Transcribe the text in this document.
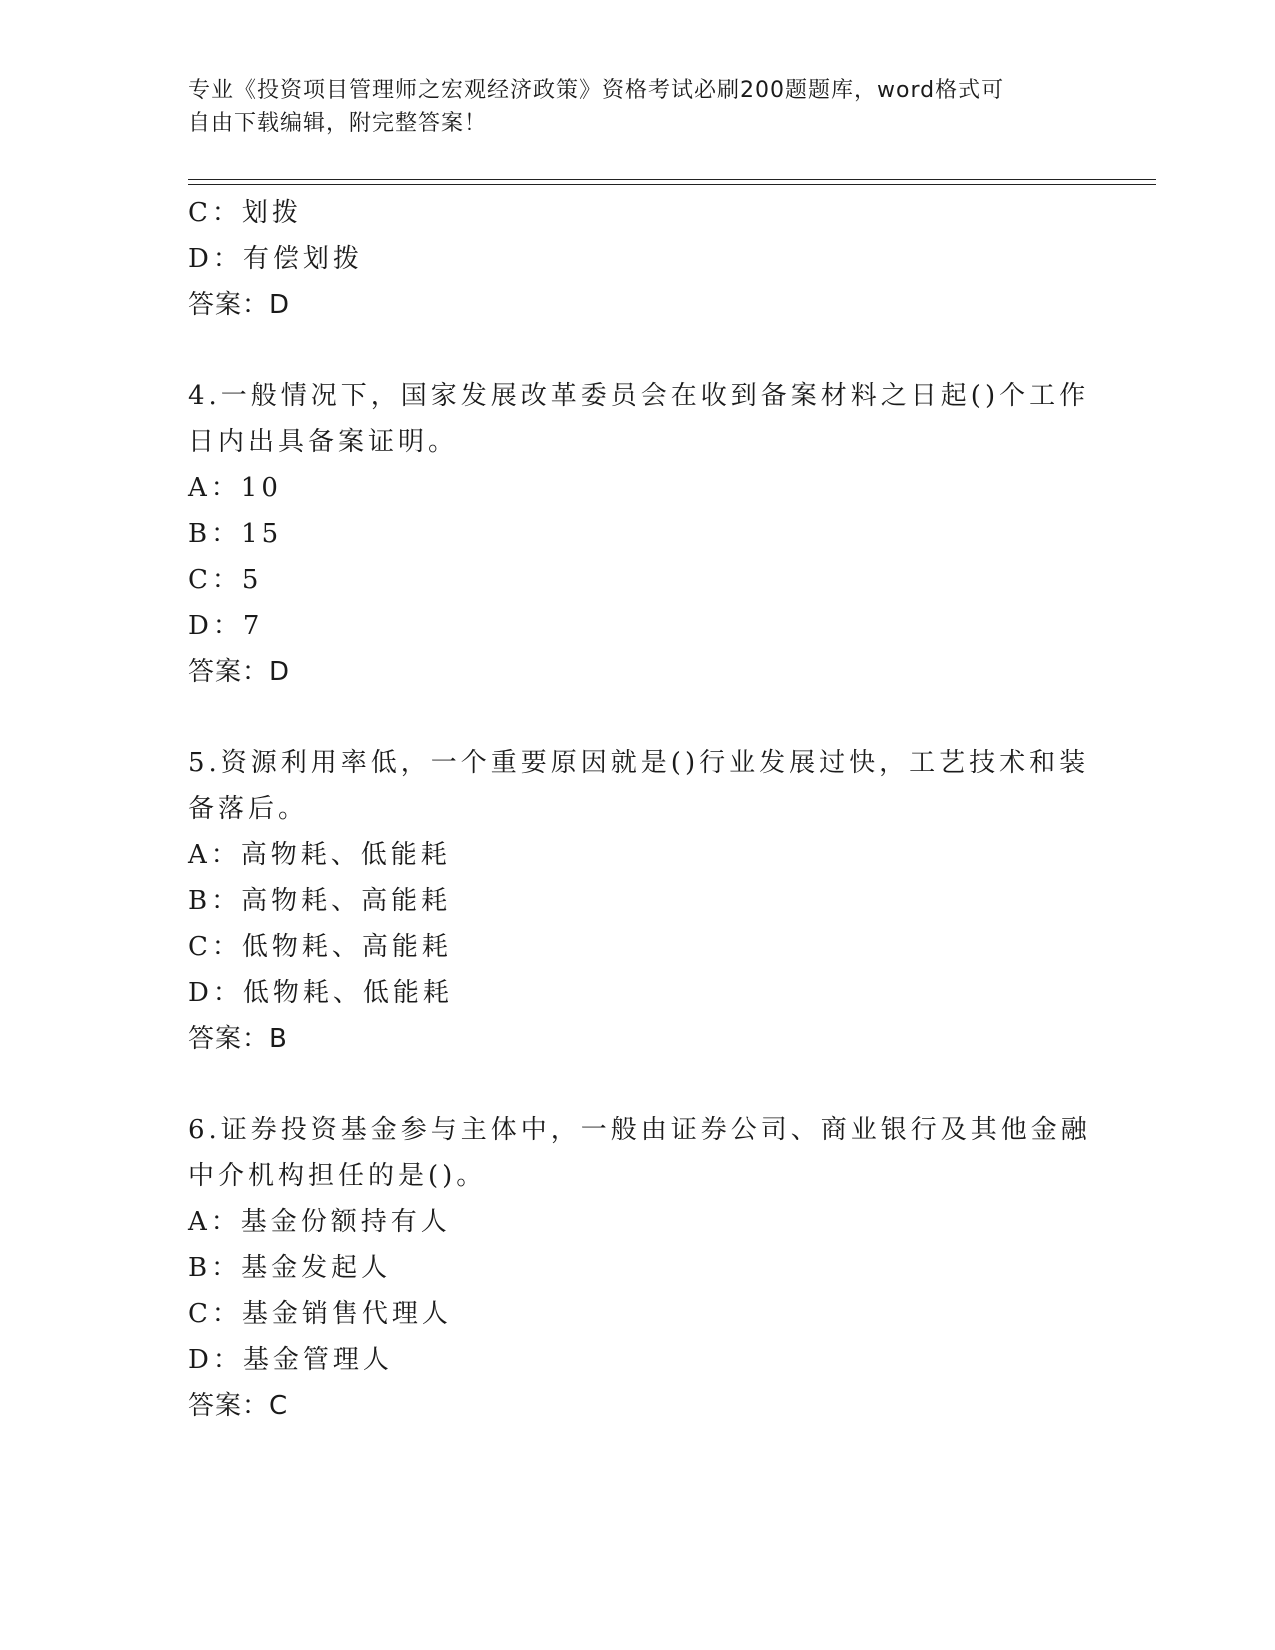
专业《投资项目管理师之宏观经济政策》资格考试必刷200题题库，word格式可
自由下载编辑，附完整答案！
C：划拨
D：有偿划拨
答案：D
4.一般情况下，国家发展改革委员会在收到备案材料之日起()个工作
日内出具备案证明。
A：10
B：15
C：5
D：7
答案：D
5.资源利用率低，一个重要原因就是()行业发展过快，工艺技术和装
备落后。
A：高物耗、低能耗
B：高物耗、高能耗
C：低物耗、高能耗
D：低物耗、低能耗
答案：B
6.证券投资基金参与主体中，一般由证券公司、商业银行及其他金融
中介机构担任的是()。
A：基金份额持有人
B：基金发起人
C：基金销售代理人
D：基金管理人
答案：C
